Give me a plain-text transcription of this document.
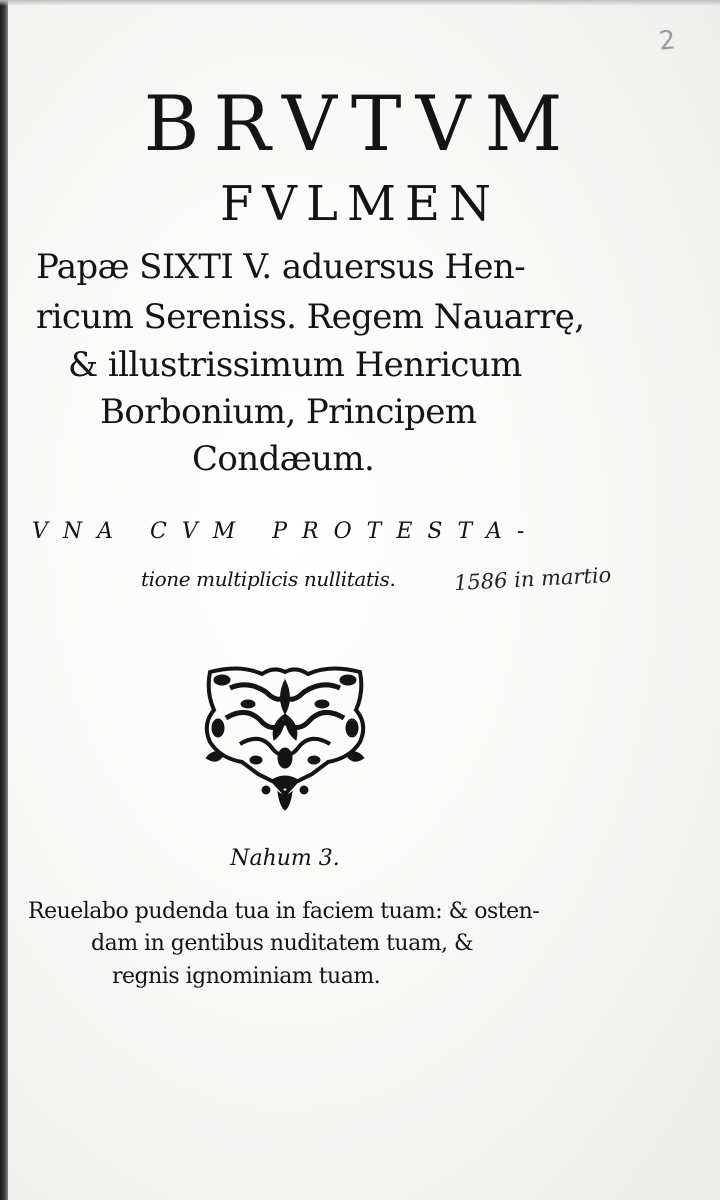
2
BRVTVM
FVLMEN
Papæ SIXTI V. aduersus Hen-
ricum Sereniss. Regem Nauarrę,
& illustrissimum Henricum
Borbonium, Principem
Condæum.
VNA CVM PROTESTA-
tione multiplicis nullitatis.	1586 in martio
Nahum 3.
Reuelabo pudenda tua in faciem tuam: & osten-
dam in gentibus nuditatem tuam, &
regnis ignominiam tuam.
